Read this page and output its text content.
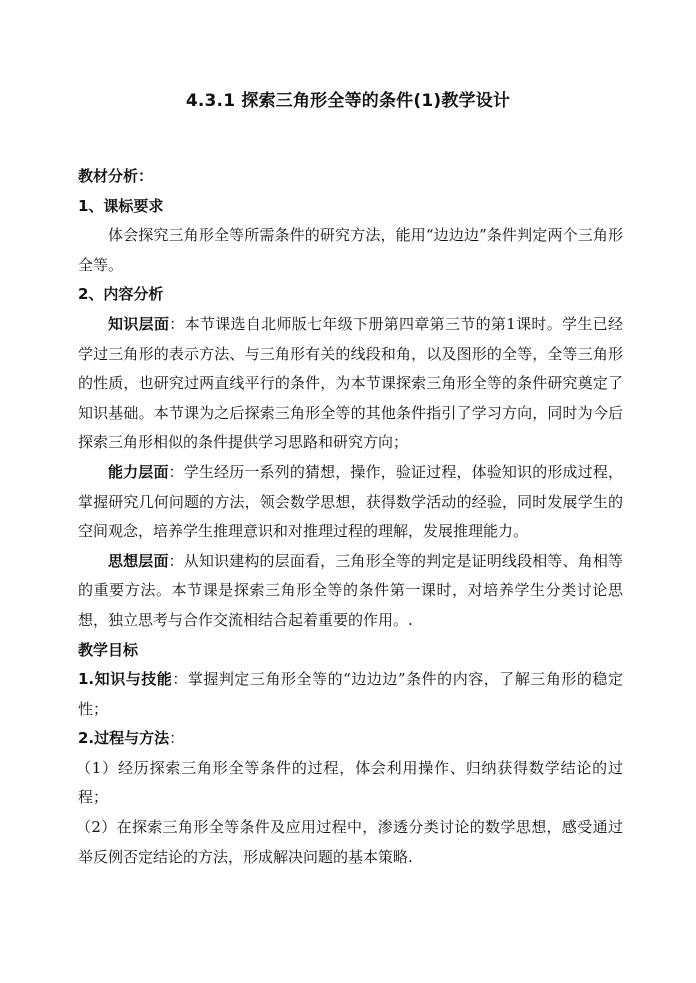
4.3.1 探索三角形全等的条件(1)教学设计

教材分析：

1、课标要求

体会探究三角形全等所需条件的研究方法，能用“边边边”条件判定两个三角形全等。

2、内容分析

知识层面：本节课选自北师版七年级下册第四章第三节的第1课时。学生已经学过三角形的表示方法、与三角形有关的线段和角，以及图形的全等，全等三角形的性质，也研究过两直线平行的条件，为本节课探索三角形全等的条件研究奠定了知识基础。本节课为之后探索三角形全等的其他条件指引了学习方向，同时为今后探索三角形相似的条件提供学习思路和研究方向；

能力层面：学生经历一系列的猜想，操作，验证过程，体验知识的形成过程，掌握研究几何问题的方法，领会数学思想，获得数学活动的经验，同时发展学生的空间观念，培养学生推理意识和对推理过程的理解，发展推理能力。

思想层面：从知识建构的层面看，三角形全等的判定是证明线段相等、角相等的重要方法。本节课是探索三角形全等的条件第一课时，对培养学生分类讨论思想，独立思考与合作交流相结合起着重要的作用。.

教学目标

1.知识与技能：掌握判定三角形全等的“边边边”条件的内容，了解三角形的稳定性；

2.过程与方法：

（1）经历探索三角形全等条件的过程，体会利用操作、归纳获得数学结论的过程；

（2）在探索三角形全等条件及应用过程中，渗透分类讨论的数学思想，感受通过举反例否定结论的方法，形成解决问题的基本策略.
